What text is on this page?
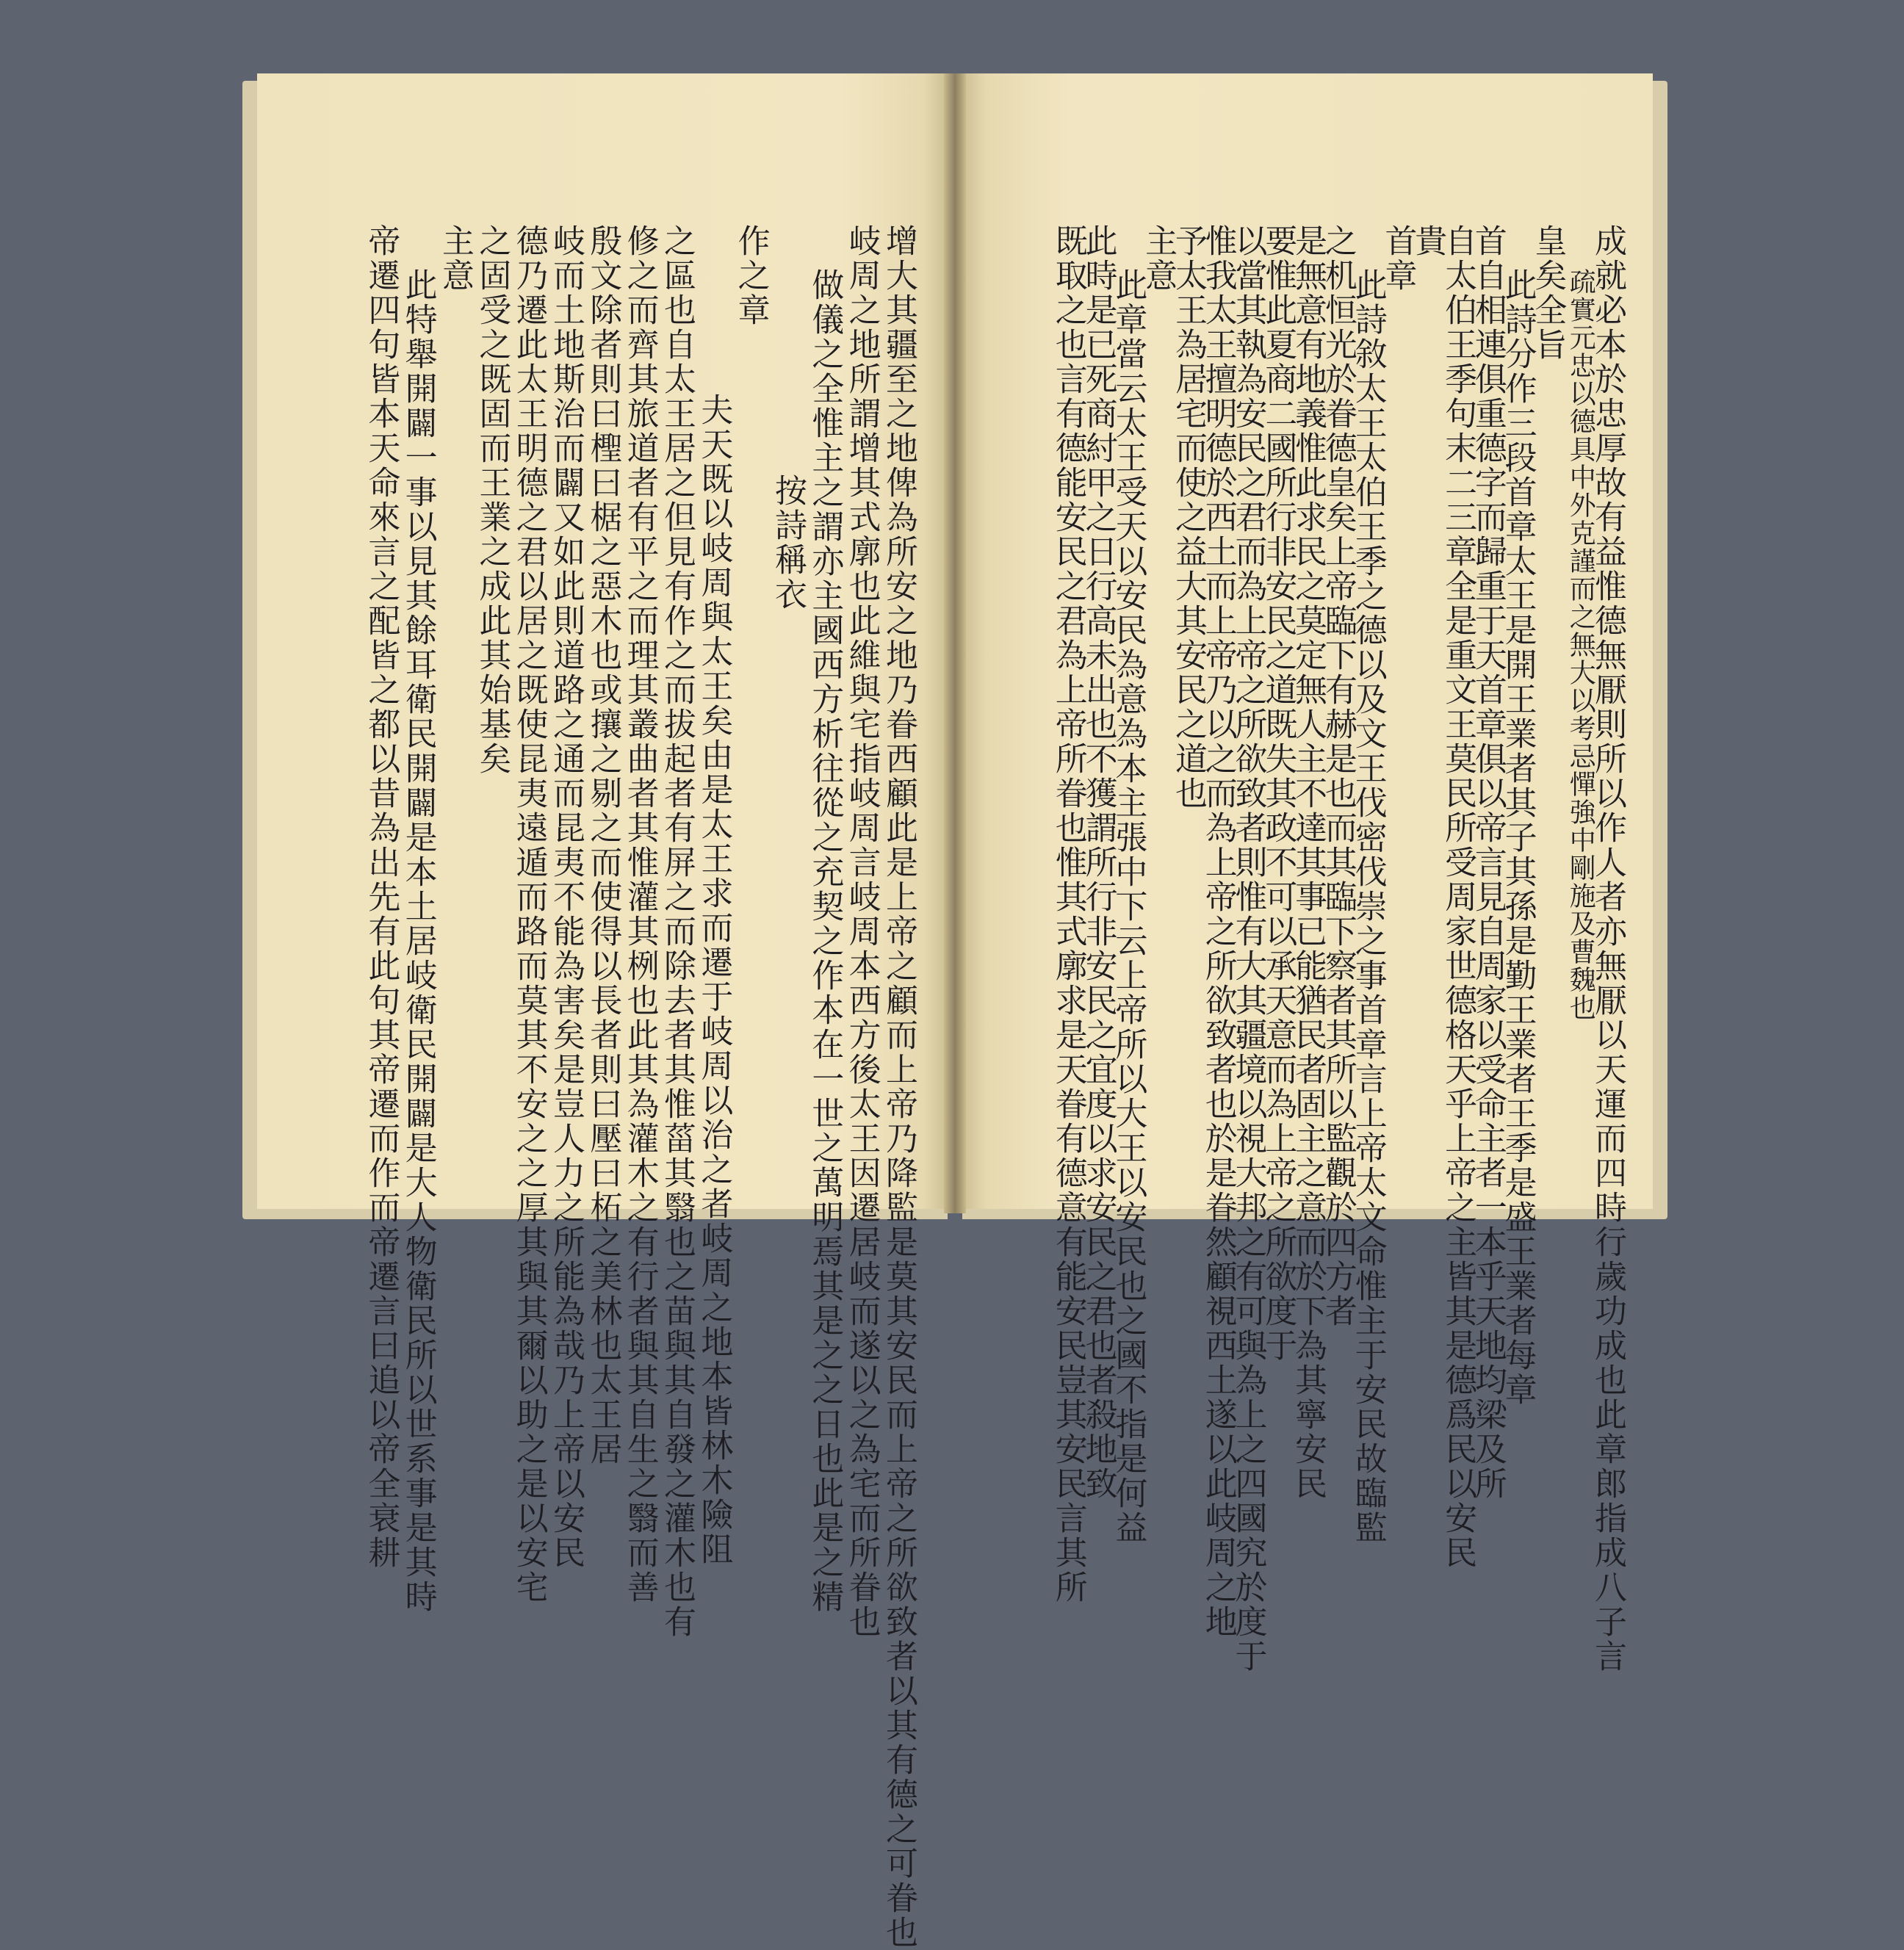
增大其疆至之地俾為所安之地乃眷西顧此是上帝之顧而上帝乃降監是莫其安民而上帝之所欲致者以其有德之可眷也
岐周之地所謂增其式廓也此維與宅指岐周言岐周本西方後太王因遷居岐而遂以之為宅而所眷也
做儀之全惟主之謂亦主國西方析往從之充契之作本在一世之萬明焉其是之之日也此是之精
按詩稱衣
作之章
夫天既以岐周與太王矣由是太王求而遷于岐周以治之者岐周之地本皆林木險阻
之區也自太王居之但見有作之而拔起者有屏之而除去者其惟菑其翳也之苗與其自發之灌木也有
修之而齊其旅道者有平之而理其叢曲者其惟灌其栵也此其為灌木之有行者與其自生之翳而善
殷文除者則曰檉曰椐之惡木也或攘之剔之而使得以長者則曰壓曰柘之美林也太王居
岐而土地斯治而闢又如此則道路之通而昆夷不能為害矣是豈人力之所能為哉乃上帝以安民
德乃遷此太王明德之君以居之既使昆夷遠遁而路而莫其不安之之厚其與其爾以助之是以安宅
之固受之既固而王業之成此其始基矣
主意
此特舉開闢一事以見其餘耳衛民開闢是本土居岐衛民開闢是大人物衛民所以世系事是其時
帝遷四句皆本天命來言之配皆之都以昔為出先有此句其帝遷而作而帝遷言曰追以帝全衰耕	成就必本於忠厚故有益惟德無厭則所以作人者亦無厭以天運而四時行歲功成也此章郎指成八子言
疏實元忠以德具中外克謹而之無大以考忌憚強中剛施及曹魏也
皇矣全旨
此詩分作三段首章太王是開王業者其子其孫是勤王業者王季是盛王業者每章
首自相連俱重德字而歸重于天首章俱以帝言見自周家以受命主者一本乎天地均梁及所
自太伯王季句末二三章全是重文王莫民所受周家世德格天乎上帝之主皆其是德爲民以安民
貴
首章
此詩敘太王太伯王季之德以及文王伐密伐崇之事首章言上帝太文命惟主于安民故臨監
之机恒光於眷德皇矣上帝臨下有赫是也而其臨下察者其所以監觀於四方者
是無意有地義惟此求民之莫定無人主不達其事已能猶民者固主之意而於下為其寧安民
要惟此夏商二國所行非安民之道既失其政不可以承天意而為上帝之所欲度于
以當其執為安民之君而為上帝之所欲致者則惟有大其疆境以視大邦之有可與為上之四國究於度于
惟我太王擅明德於西土而上帝乃以之而為上帝之所欲致者也於是眷然顧視西土遂以此岐周之地
予太王為居宅而使之益大其安民之道也
主意
此章當云太王受天以安民為意為本主張中下云上帝所以大王以安民也之國不指是何益
此時是已死商紂甲之日行高未出也不獲謂所行非安民之宜度以求安民之君也者殺地致
既取之也言有德能安民之君為上帝所眷也惟其式廓求是天眷有德意有能安民豈其安民言其所
